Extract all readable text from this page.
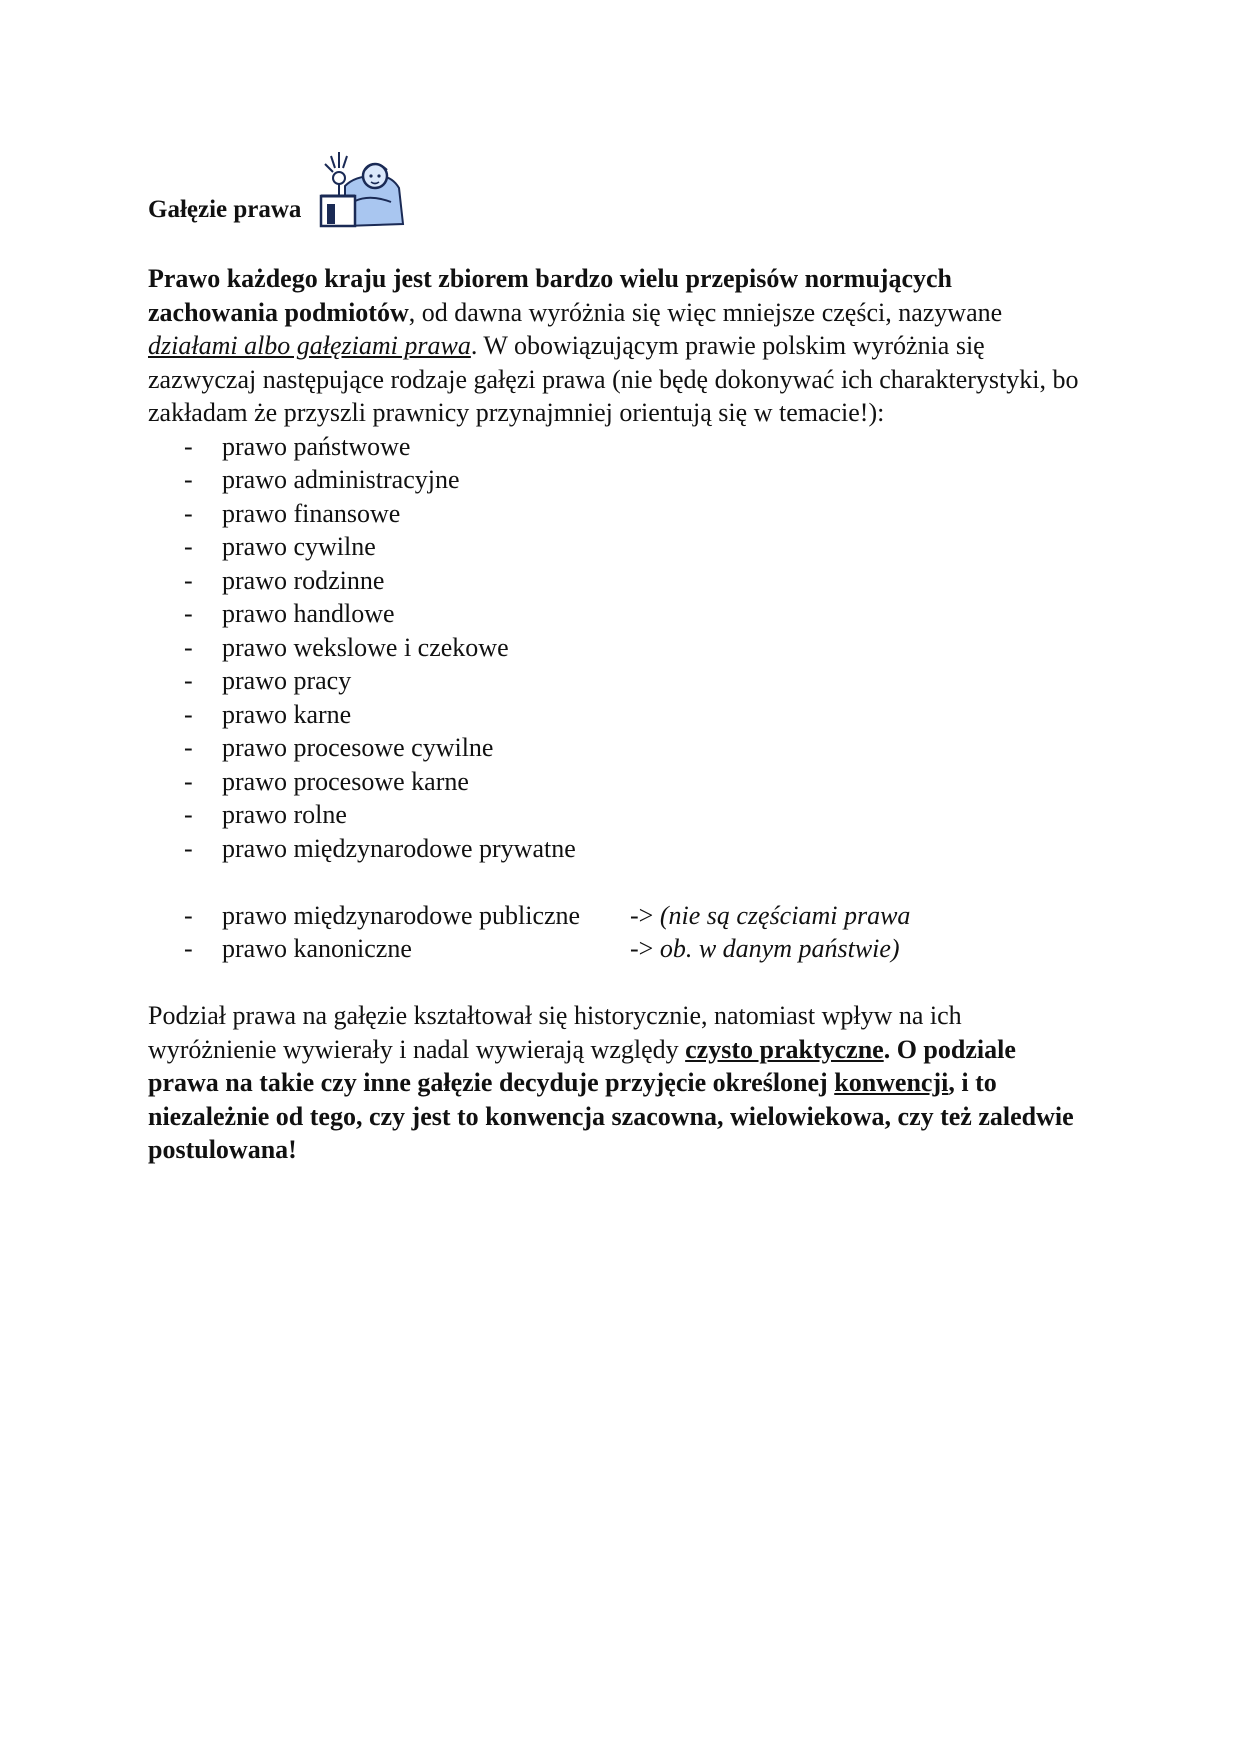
Gałęzie prawa
Prawo każdego kraju jest zbiorem bardzo wielu przepisów normujących zachowania podmiotów, od dawna wyróżnia się więc mniejsze części, nazywane działami albo gałęziami prawa. W obowiązującym prawie polskim wyróżnia się zazwyczaj następujące rodzaje gałęzi prawa (nie będę dokonywać ich charakterystyki, bo zakładam że przyszli prawnicy przynajmniej orientują się w temacie!):
- prawo państwowe
- prawo administracyjne
- prawo finansowe
- prawo cywilne
- prawo rodzinne
- prawo handlowe
- prawo wekslowe i czekowe
- prawo pracy
- prawo karne
- prawo procesowe cywilne
- prawo procesowe karne
- prawo rolne
- prawo międzynarodowe prywatne
- prawo międzynarodowe publiczne -> (nie są częściami prawa
- prawo kanoniczne	-> ob. w danym państwie)
Podział prawa na gałęzie kształtował się historycznie, natomiast wpływ na ich wyróżnienie wywierały i nadal wywierają względy czysto praktyczne. O podziale prawa na takie czy inne gałęzie decyduje przyjęcie określonej konwencji, i to niezależnie od tego, czy jest to konwencja szacowna, wielowiekowa, czy też zaledwie postulowana!
